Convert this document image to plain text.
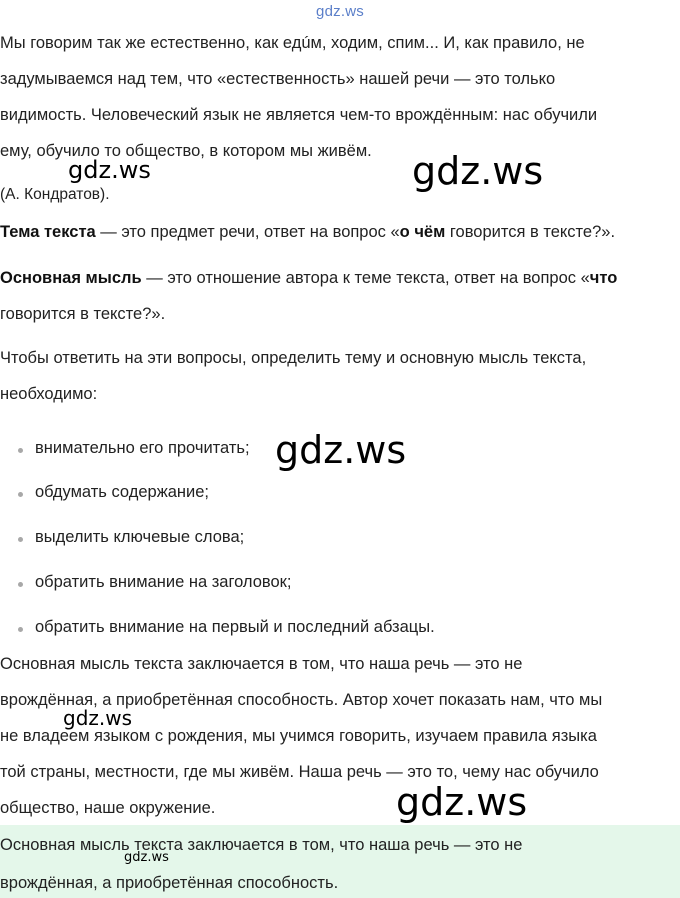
gdz.ws
Мы говорим так же естественно, как едúм, ходим, спим... И, как правило, не
задумываемся над тем, что «естественность» нашей речи — это только
видимость. Человеческий язык не является чем-то врождённым: нас обучили
ему, обучило то общество, в котором мы живём.
(А. Кондратов).
Тема текста — это предмет речи, ответ на вопрос «о чём говорится в тексте?».
Основная мысль — это отношение автора к теме текста, ответ на вопрос «что
говорится в тексте?».
Чтобы ответить на эти вопросы, определить тему и основную мысль текста,
необходимо:
внимательно его прочитать;
обдумать содержание;
выделить ключевые слова;
обратить внимание на заголовок;
обратить внимание на первый и последний абзацы.
Основная мысль текста заключается в том, что наша речь — это не
врождённая, а приобретённая способность. Автор хочет показать нам, что мы
не владеем языком с рождения, мы учимся говорить, изучаем правила языка
той страны, местности, где мы живём. Наша речь — это то, чему нас обучило
общество, наше окружение.
Основная мысль текста заключается в том, что наша речь — это не
врождённая, а приобретённая способность.
gdz.ws	gdz.ws
gdz.ws
gdz.ws
gdz.ws
gdz.ws
